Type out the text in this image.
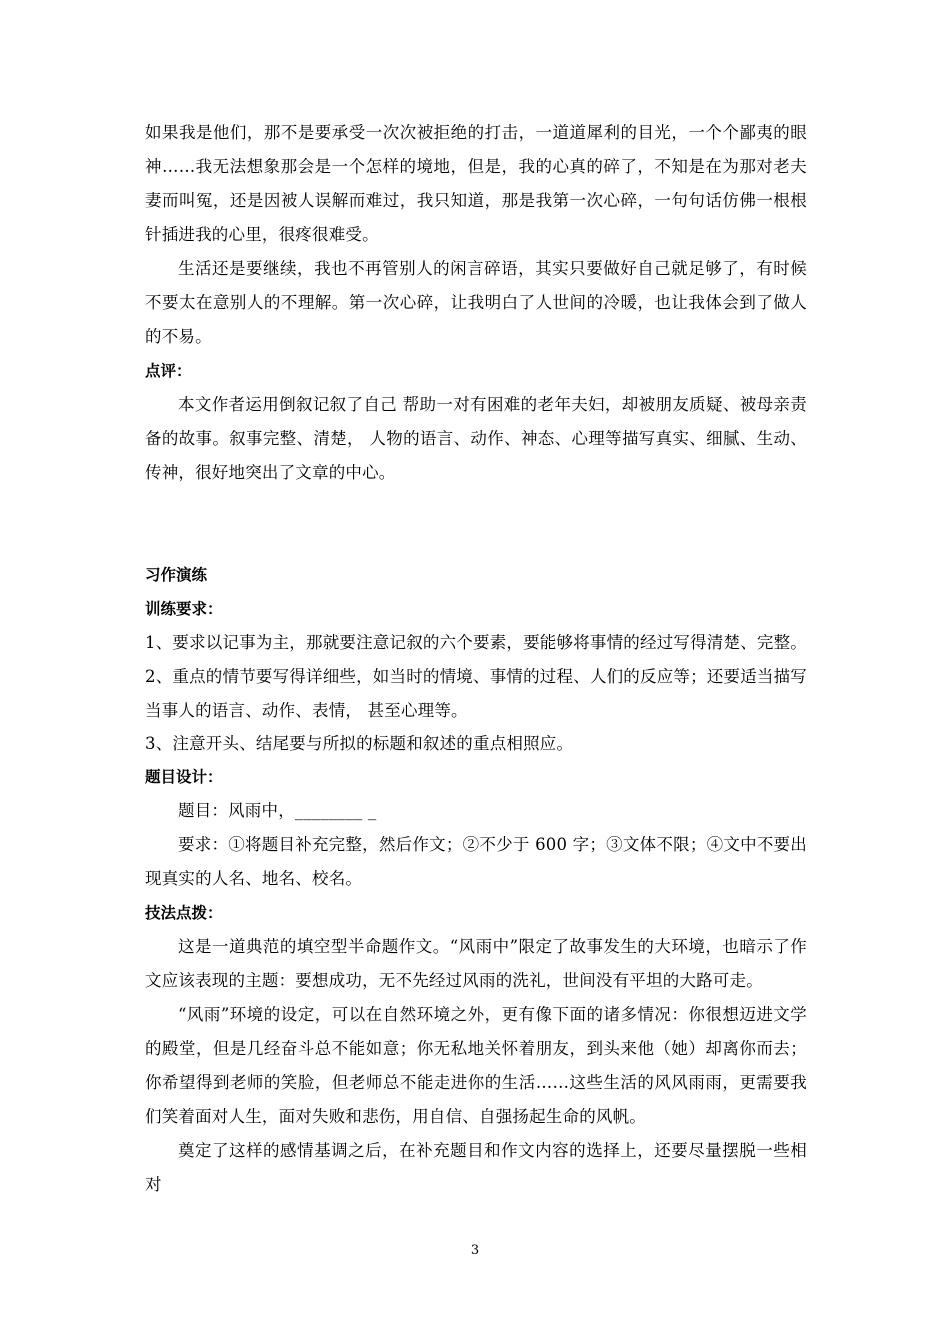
如果我是他们，那不是要承受一次次被拒绝的打击，一道道犀利的目光，一个个鄙夷的眼神……我无法想象那会是一个怎样的境地，但是，我的心真的碎了，不知是在为那对老夫妻而叫冤，还是因被人误解而难过，我只知道，那是我第一次心碎，一句句话仿佛一根根针插进我的心里，很疼很难受。

生活还是要继续，我也不再管别人的闲言碎语，其实只要做好自己就足够了，有时候不要太在意别人的不理解。第一次心碎，让我明白了人世间的冷暖，也让我体会到了做人的不易。

点评：

本文作者运用倒叙记叙了自己 帮助一对有困难的老年夫妇，却被朋友质疑、被母亲责备的故事。叙事完整、清楚， 人物的语言、动作、神态、心理等描写真实、细腻、生动、传神，很好地突出了文章的中心。

习作演练

训练要求：

1、要求以记事为主，那就要注意记叙的六个要素，要能够将事情的经过写得清楚、完整。 2、重点的情节要写得详细些，如当时的情境、事情的过程、人们的反应等；还要适当描写当事人的语言、动作、表情， 甚至心理等。

3、注意开头、结尾要与所拟的标题和叙述的重点相照应。

题目设计：

题目：风雨中，________ _

要求：①将题目补充完整，然后作文；②不少于 600 字；③文体不限；④文中不要出现真实的人名、地名、校名。

技法点拨：

这是一道典范的填空型半命题作文。“风雨中”限定了故事发生的大环境，也暗示了作文应该表现的主题：要想成功，无不先经过风雨的洗礼，世间没有平坦的大路可走。

“风雨”环境的设定，可以在自然环境之外，更有像下面的诸多情况：你很想迈进文学的殿堂，但是几经奋斗总不能如意；你无私地关怀着朋友，到头来他（她）却离你而去；你希望得到老师的笑脸，但老师总不能走进你的生活……这些生活的风风雨雨，更需要我们笑着面对人生，面对失败和悲伤，用自信、自强扬起生命的风帆。

奠定了这样的感情基调之后，在补充题目和作文内容的选择上，还要尽量摆脱一些相对

3
